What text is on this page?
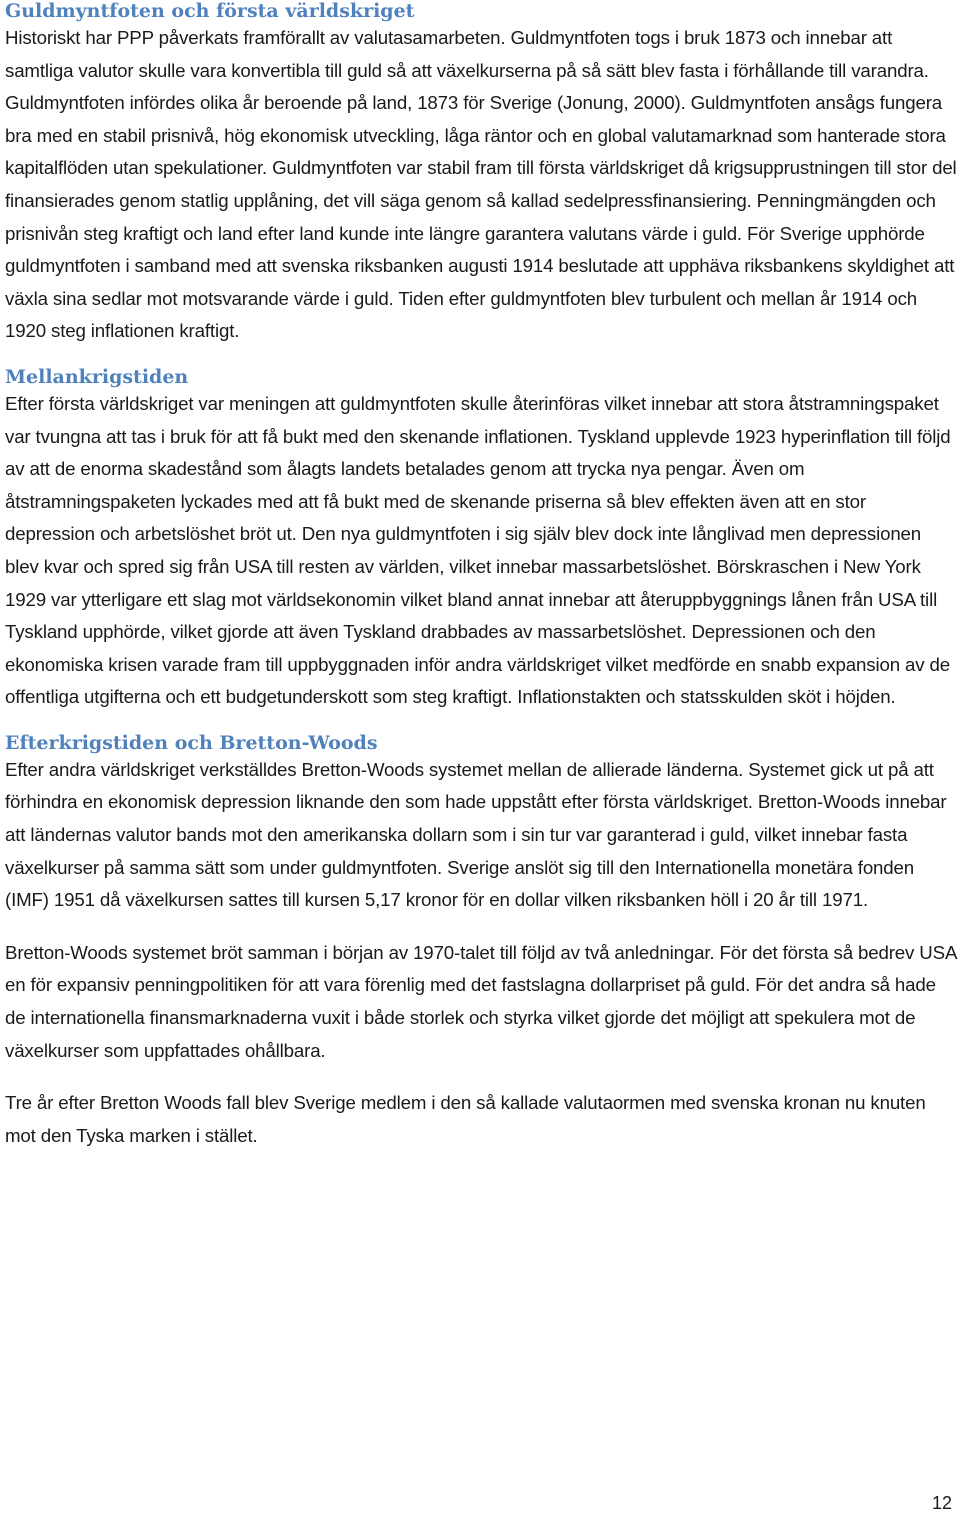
Guldmyntfoten och första världskriget

Historiskt har PPP påverkats framförallt av valutasamarbeten. Guldmyntfoten togs i bruk 1873 och innebar att samtliga valutor skulle vara konvertibla till guld så att växelkurserna på så sätt blev fasta i förhållande till varandra. Guldmyntfoten infördes olika år beroende på land, 1873 för Sverige (Jonung, 2000). Guldmyntfoten ansågs fungera bra med en stabil prisnivå, hög ekonomisk utveckling, låga räntor och en global valutamarknad som hanterade stora kapitalflöden utan spekulationer. Guldmyntfoten var stabil fram till första världskriget då krigsupprustningen till stor del finansierades genom statlig upplåning, det vill säga genom så kallad sedelpressfinansiering. Penningmängden och prisnivån steg kraftigt och land efter land kunde inte längre garantera valutans värde i guld. För Sverige upphörde guldmyntfoten i samband med att svenska riksbanken augusti 1914 beslutade att upphäva riksbankens skyldighet att växla sina sedlar mot motsvarande värde i guld. Tiden efter guldmyntfoten blev turbulent och mellan år 1914 och 1920 steg inflationen kraftigt.

Mellankrigstiden

Efter första världskriget var meningen att guldmyntfoten skulle återinföras vilket innebar att stora åtstramningspaket var tvungna att tas i bruk för att få bukt med den skenande inflationen. Tyskland upplevde 1923 hyperinflation till följd av att de enorma skadestånd som ålagts landets betalades genom att trycka nya pengar. Även om åtstramningspaketen lyckades med att få bukt med de skenande priserna så blev effekten även att en stor depression och arbetslöshet bröt ut. Den nya guldmyntfoten i sig själv blev dock inte långlivad men depressionen blev kvar och spred sig från USA till resten av världen, vilket innebar massarbetslöshet. Börskraschen i New York 1929 var ytterligare ett slag mot världsekonomin vilket bland annat innebar att återuppbyggnings lånen från USA till Tyskland upphörde, vilket gjorde att även Tyskland drabbades av massarbetslöshet. Depressionen och den ekonomiska krisen varade fram till uppbyggnaden inför andra världskriget vilket medförde en snabb expansion av de offentliga utgifterna och ett budgetunderskott som steg kraftigt. Inflationstakten och statsskulden sköt i höjden.

Efterkrigstiden och Bretton-Woods

Efter andra världskriget verkställdes Bretton-Woods systemet mellan de allierade länderna. Systemet gick ut på att förhindra en ekonomisk depression liknande den som hade uppstått efter första världskriget. Bretton-Woods innebar att ländernas valutor bands mot den amerikanska dollarn som i sin tur var garanterad i guld, vilket innebar fasta växelkurser på samma sätt som under guldmyntfoten. Sverige anslöt sig till den Internationella monetära fonden (IMF) 1951 då växelkursen sattes till kursen 5,17 kronor för en dollar vilken riksbanken höll i 20 år till 1971.

Bretton-Woods systemet bröt samman i början av 1970-talet till följd av två anledningar. För det första så bedrev USA en för expansiv penningpolitiken för att vara förenlig med det fastslagna dollarpriset på guld. För det andra så hade de internationella finansmarknaderna vuxit i både storlek och styrka vilket gjorde det möjligt att spekulera mot de växelkurser som uppfattades ohållbara.

Tre år efter Bretton Woods fall blev Sverige medlem i den så kallade valutaormen med svenska kronan nu knuten mot den Tyska marken i stället.

12
